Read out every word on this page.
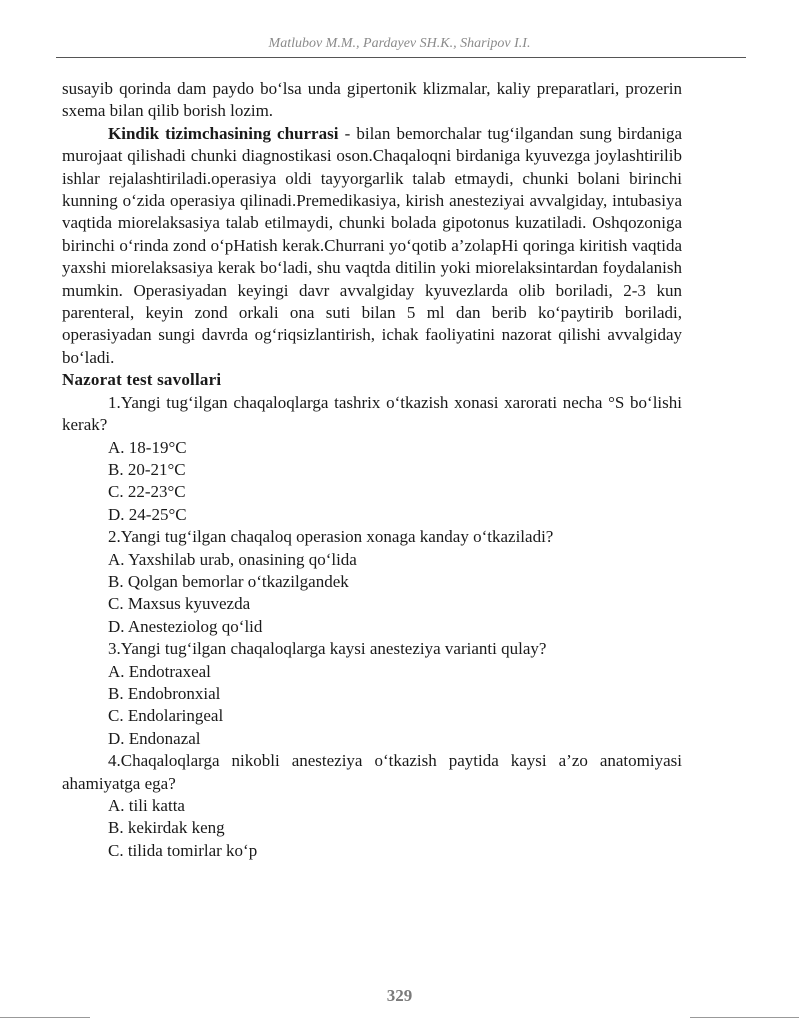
Matlubov M.M., Pardayev SH.K., Sharipov I.I.

susayib qorinda dam paydo bo‘lsa unda gipertonik klizmalar, kaliy preparatlari, prozerin sxema bilan qilib borish lozim.

Kindik tizimchasining churrasi - bilan bemorchalar tug‘ilgandan sung birdaniga murojaat qilishadi chunki diagnostikasi oson.Chaqaloqni birdaniga kyuvezga joylashtirilib ishlar rejalashtiriladi.operasiya oldi tayyorgarlik talab etmaydi, chunki bolani birinchi kunning o‘zida operasiya qilinadi.Premedikasiya, kirish anesteziyai avvalgiday, intubasiya vaqtida miorelaksasiya talab etilmaydi, chunki bolada gipotonus kuzatiladi. Oshqozoniga birinchi o‘rinda zond o‘pHatish kerak.Churrani yo‘qotib a’zolapHi qoringa kiritish vaqtida yaxshi miorelaksasiya kerak bo‘ladi, shu vaqtda ditilin yoki miorelaksintardan foydalanish mumkin. Operasiyadan keyingi davr avvalgiday kyuvezlarda olib boriladi, 2-3 kun parenteral, keyin zond orkali ona suti bilan 5 ml dan berib ko‘paytirib boriladi, operasiyadan sungi davrda og‘riqsizlantirish, ichak faoliyatini nazorat qilishi avvalgiday bo‘ladi.

Nazorat test savollari

1.Yangi tug‘ilgan chaqaloqlarga tashrix o‘tkazish xonasi xarorati necha °S bo‘lishi kerak?

A. 18-19°C

B. 20-21°C

C. 22-23°C

D. 24-25°C

2.Yangi tug‘ilgan chaqaloq operasion xonaga kanday o‘tkaziladi?

A. Yaxshilab urab, onasining qo‘lida

B. Qolgan bemorlar o‘tkazilgandek

C. Maxsus kyuvezda

D. Anesteziolog qo‘lid

3.Yangi tug‘ilgan chaqaloqlarga kaysi anesteziya varianti qulay?

A. Endotraxeal

B. Endobronxial

C. Endolaringeal

D. Endonazal

4.Chaqaloqlarga nikobli anesteziya o‘tkazish paytida kaysi a’zo anatomiyasi ahamiyatga ega?

A. tili katta

B. kekirdak keng

C. tilida tomirlar ko‘p

329
